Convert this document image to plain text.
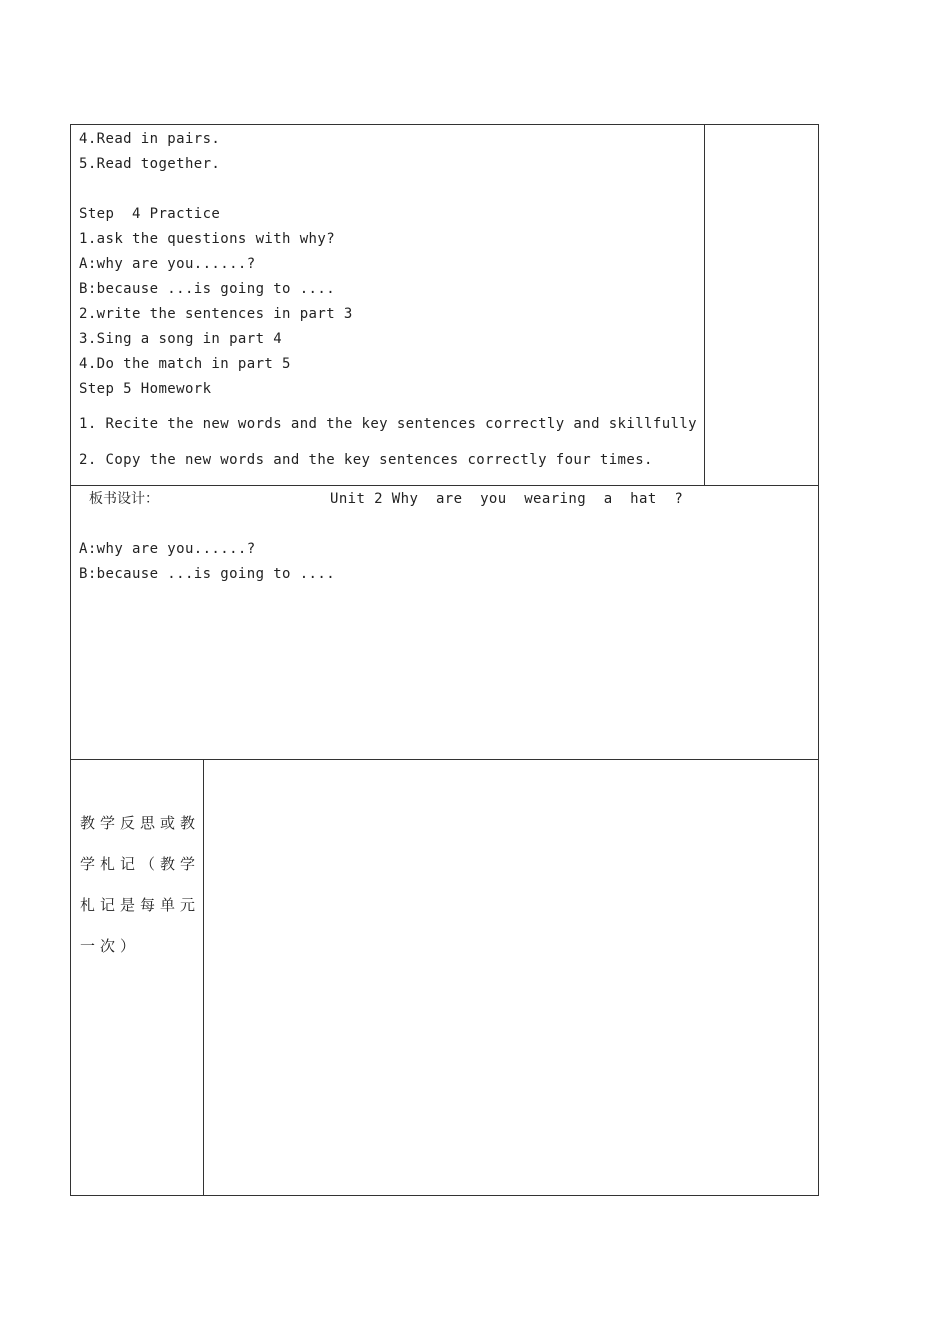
4.Read in pairs.
5.Read together.
Step  4 Practice
1.ask the questions with why?
A:why are you......?
B:because ...is going to ....
2.write the sentences in part 3
3.Sing a song in part 4
4.Do the match in part 5
Step 5 Homework
1. Recite the new words and the key sentences correctly and skillfully
2. Copy the new words and the key sentences correctly four times.
板书设计：	Unit 2 Why  are  you  wearing  a  hat  ?
A:why are you......?
B:because ...is going to ....
教学反思或教学札记（教学札记是每单元一次）
